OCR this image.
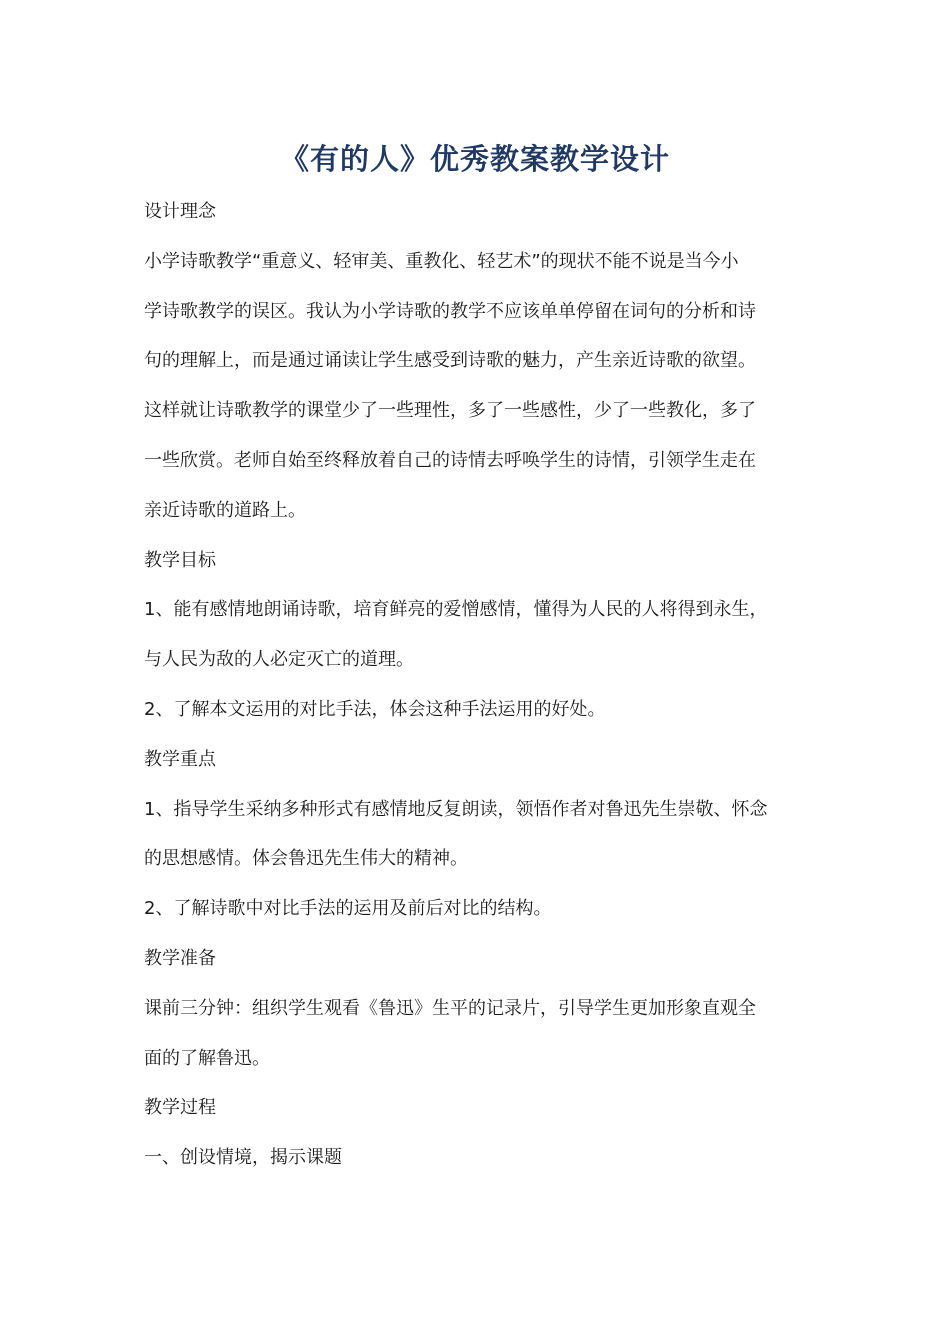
《有的人》优秀教案教学设计

设计理念

小学诗歌教学“重意义、轻审美、重教化、轻艺术”的现状不能不说是当今小

学诗歌教学的误区。我认为小学诗歌的教学不应该单单停留在词句的分析和诗

句的理解上，而是通过诵读让学生感受到诗歌的魅力，产生亲近诗歌的欲望。

这样就让诗歌教学的课堂少了一些理性，多了一些感性，少了一些教化，多了

一些欣赏。老师自始至终释放着自己的诗情去呼唤学生的诗情，引领学生走在

亲近诗歌的道路上。

教学目标

1、能有感情地朗诵诗歌，培育鲜亮的爱憎感情，懂得为人民的人将得到永生，

与人民为敌的人必定灭亡的道理。

2、了解本文运用的对比手法，体会这种手法运用的好处。

教学重点

1、指导学生采纳多种形式有感情地反复朗读，领悟作者对鲁迅先生崇敬、怀念

的思想感情。体会鲁迅先生伟大的精神。

2、了解诗歌中对比手法的运用及前后对比的结构。

教学准备

课前三分钟：组织学生观看《鲁迅》生平的记录片，引导学生更加形象直观全

面的了解鲁迅。

教学过程

一、创设情境，揭示课题
